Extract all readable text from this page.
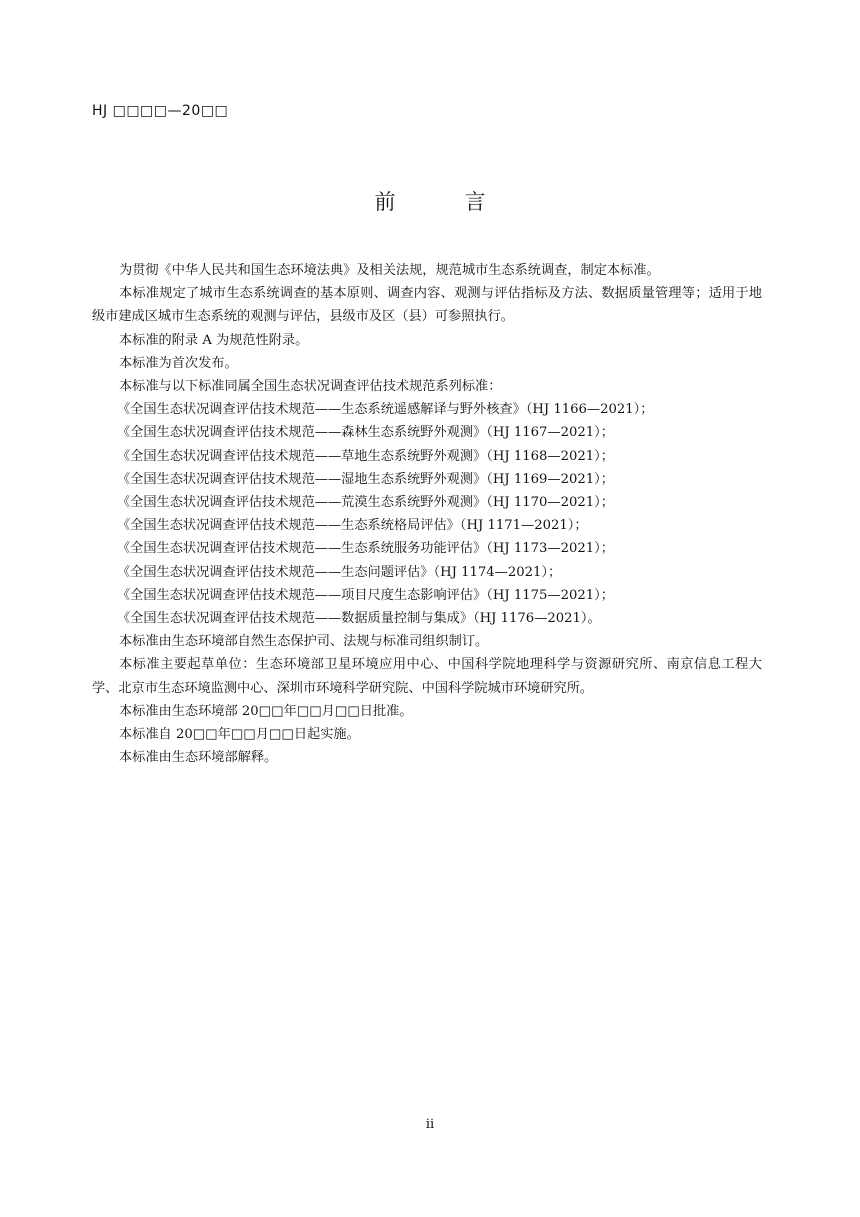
HJ □□□□—20□□
前　言

为贯彻《中华人民共和国生态环境法典》及相关法规，规范城市生态系统调查，制定本标准。

本标准规定了城市生态系统调查的基本原则、调查内容、观测与评估指标及方法、数据质量管理等；适用于地级市建成区城市生态系统的观测与评估，县级市及区（县）可参照执行。

本标准的附录 A 为规范性附录。

本标准为首次发布。

本标准与以下标准同属全国生态状况调查评估技术规范系列标准：

《全国生态状况调查评估技术规范——生态系统遥感解译与野外核查》（HJ 1166—2021）；

《全国生态状况调查评估技术规范——森林生态系统野外观测》（HJ 1167—2021）；

《全国生态状况调查评估技术规范——草地生态系统野外观测》（HJ 1168—2021）；

《全国生态状况调查评估技术规范——湿地生态系统野外观测》（HJ 1169—2021）；

《全国生态状况调查评估技术规范——荒漠生态系统野外观测》（HJ 1170—2021）；

《全国生态状况调查评估技术规范——生态系统格局评估》（HJ 1171—2021）；

《全国生态状况调查评估技术规范——生态系统服务功能评估》（HJ 1173—2021）；

《全国生态状况调查评估技术规范——生态问题评估》（HJ 1174—2021）；

《全国生态状况调查评估技术规范——项目尺度生态影响评估》（HJ 1175—2021）；

《全国生态状况调查评估技术规范——数据质量控制与集成》（HJ 1176—2021）。

本标准由生态环境部自然生态保护司、法规与标准司组织制订。

本标准主要起草单位：生态环境部卫星环境应用中心、中国科学院地理科学与资源研究所、南京信息工程大学、北京市生态环境监测中心、深圳市环境科学研究院、中国科学院城市环境研究所。

本标准由生态环境部 20□□年□□月□□日批准。

本标准自 20□□年□□月□□日起实施。

本标准由生态环境部解释。

ii
